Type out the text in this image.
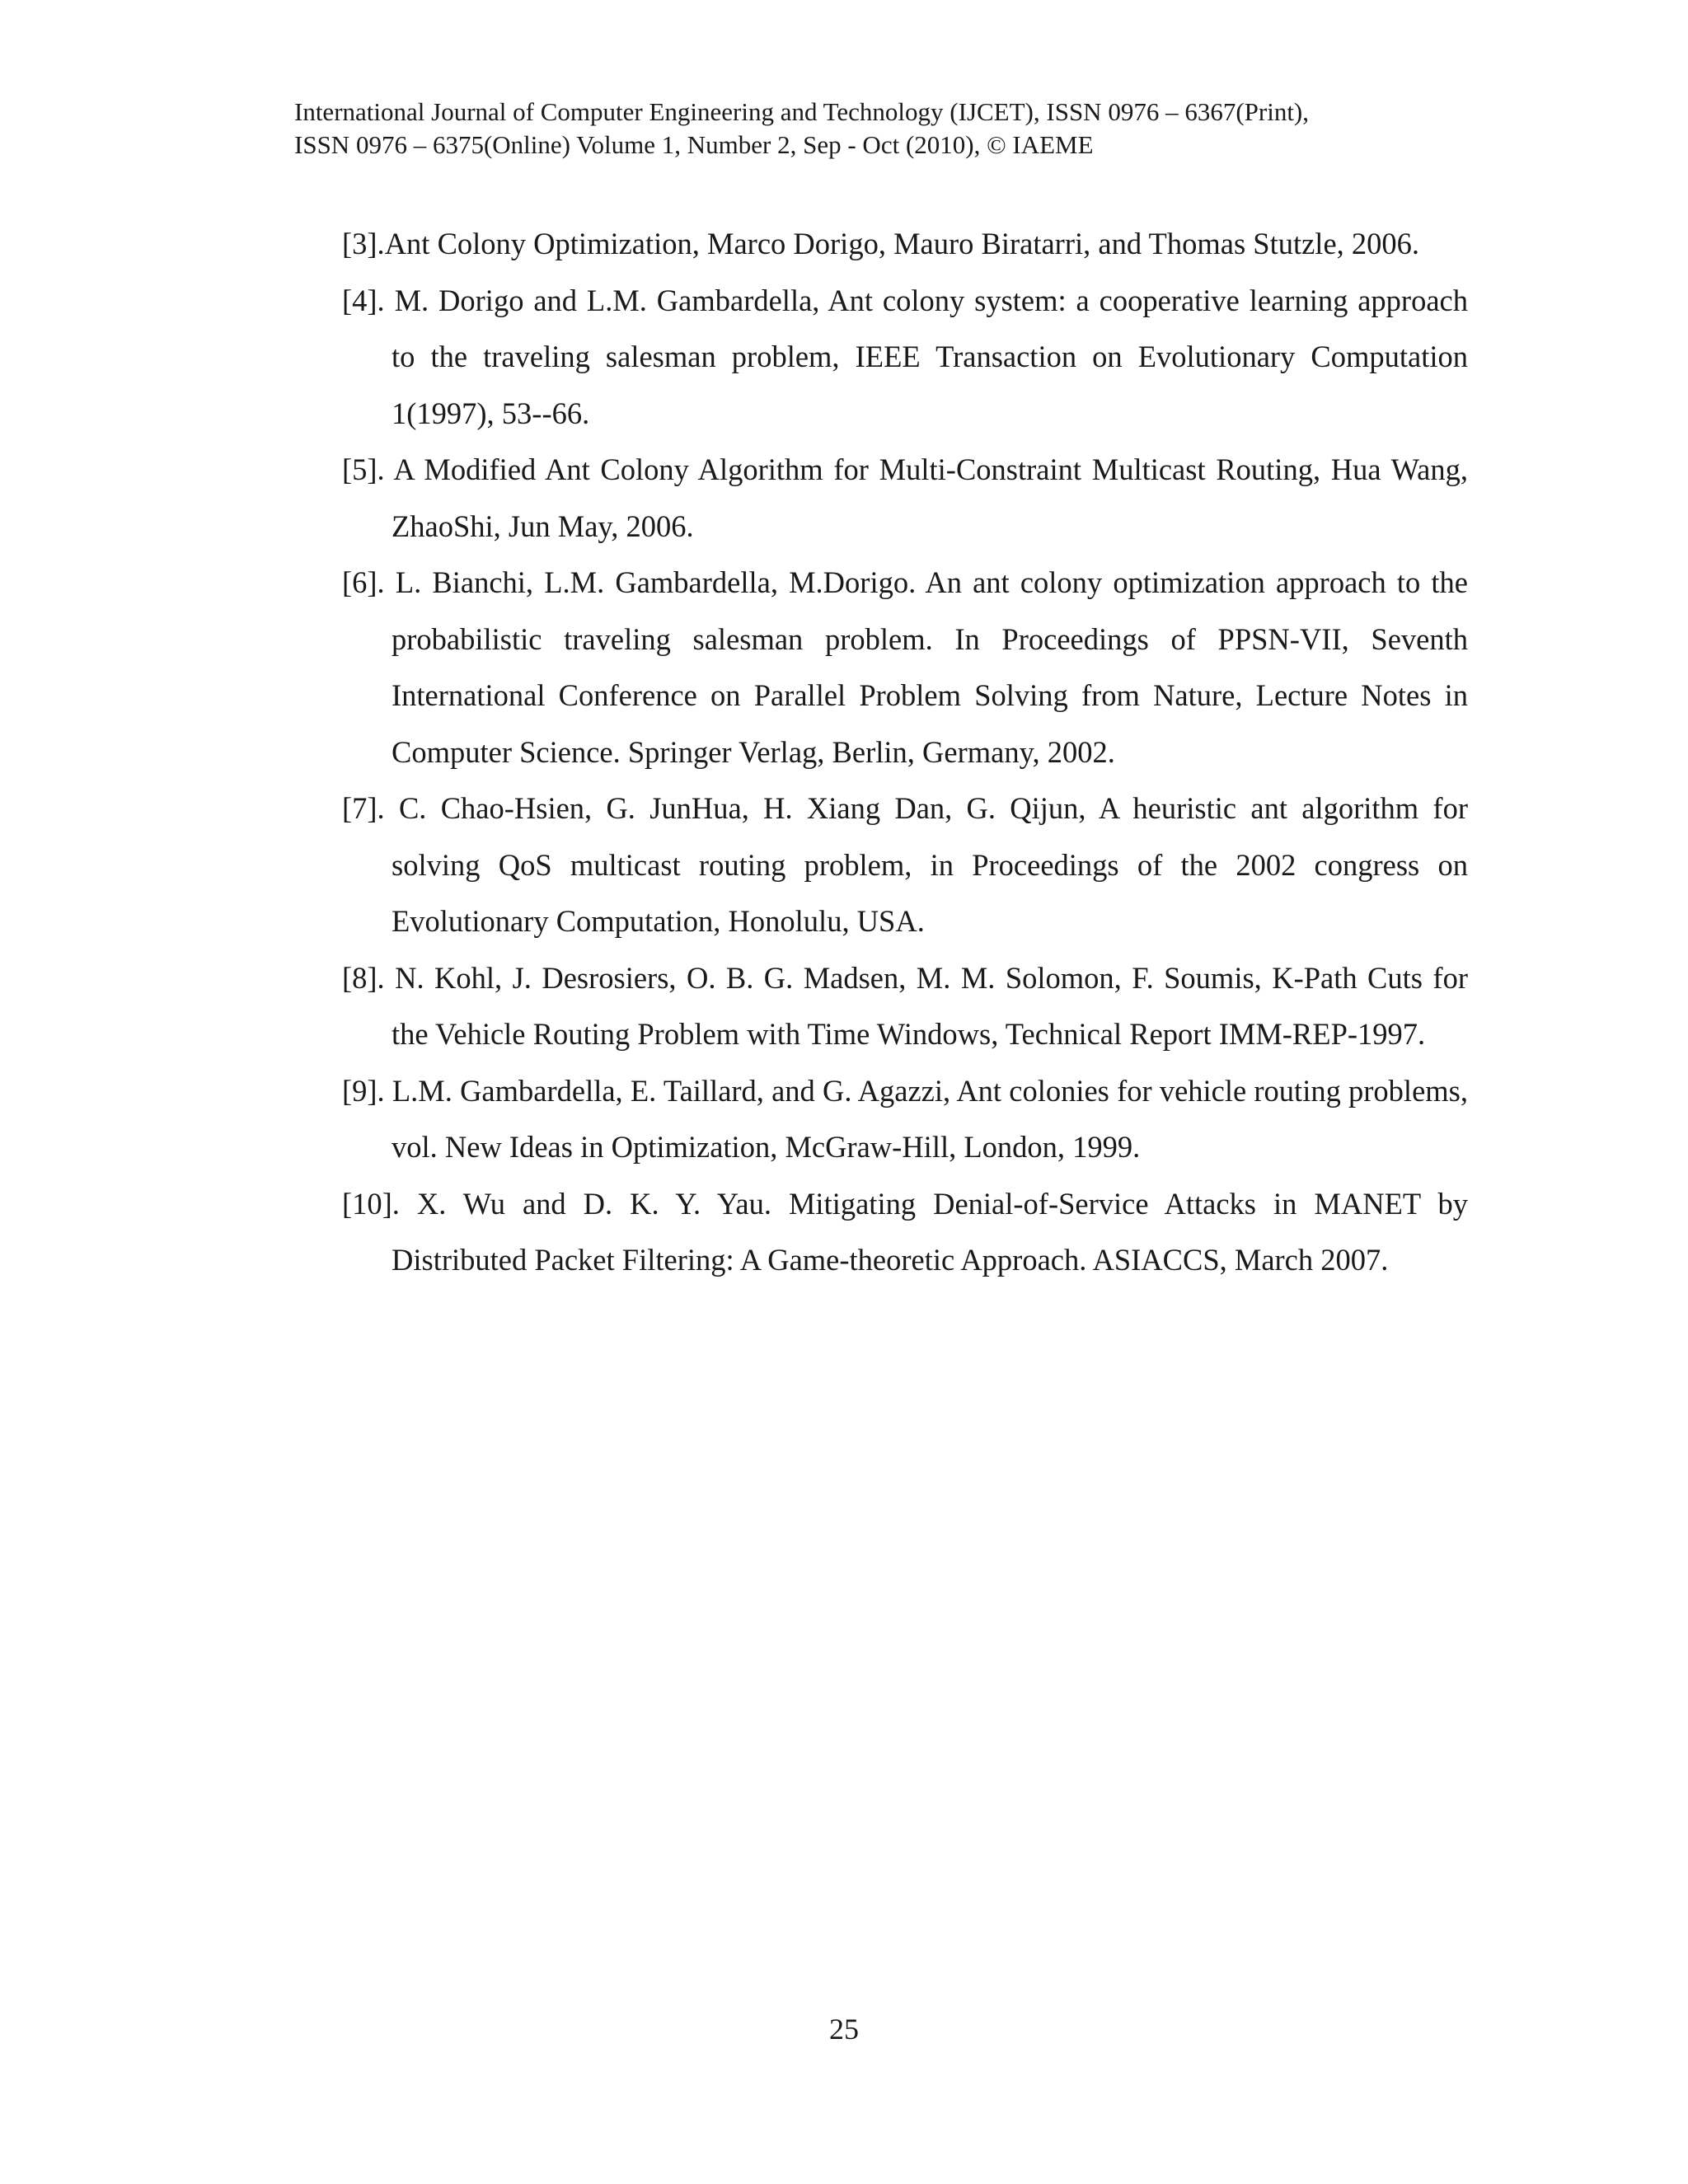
International Journal of Computer Engineering and Technology (IJCET), ISSN 0976 – 6367(Print),
ISSN 0976 – 6375(Online) Volume 1, Number 2, Sep - Oct (2010), © IAEME
[3].Ant Colony Optimization, Marco Dorigo, Mauro Biratarri, and Thomas Stutzle, 2006.
[4]. M. Dorigo and L.M. Gambardella, Ant colony system: a cooperative learning approach to the traveling salesman problem, IEEE Transaction on Evolutionary Computation 1(1997), 53--66.
[5]. A Modified Ant Colony Algorithm for Multi-Constraint Multicast Routing, Hua Wang, ZhaoShi, Jun May, 2006.
[6]. L. Bianchi, L.M. Gambardella, M.Dorigo. An ant colony optimization approach to the probabilistic traveling salesman problem. In Proceedings of PPSN-VII, Seventh International Conference on Parallel Problem Solving from Nature, Lecture Notes in Computer Science. Springer Verlag, Berlin, Germany, 2002.
[7]. C. Chao-Hsien, G. JunHua, H. Xiang Dan, G. Qijun, A heuristic ant algorithm for solving QoS multicast routing problem, in Proceedings of the 2002 congress on Evolutionary Computation, Honolulu, USA.
[8]. N. Kohl, J. Desrosiers, O. B. G. Madsen, M. M. Solomon, F. Soumis, K-Path Cuts for the Vehicle Routing Problem with Time Windows, Technical Report IMM-REP-1997.
[9]. L.M. Gambardella, E. Taillard, and G. Agazzi, Ant colonies for vehicle routing problems, vol. New Ideas in Optimization, McGraw-Hill, London, 1999.
[10]. X. Wu and D. K. Y. Yau. Mitigating Denial-of-Service Attacks in MANET by Distributed Packet Filtering: A Game-theoretic Approach. ASIACCS, March 2007.
25
